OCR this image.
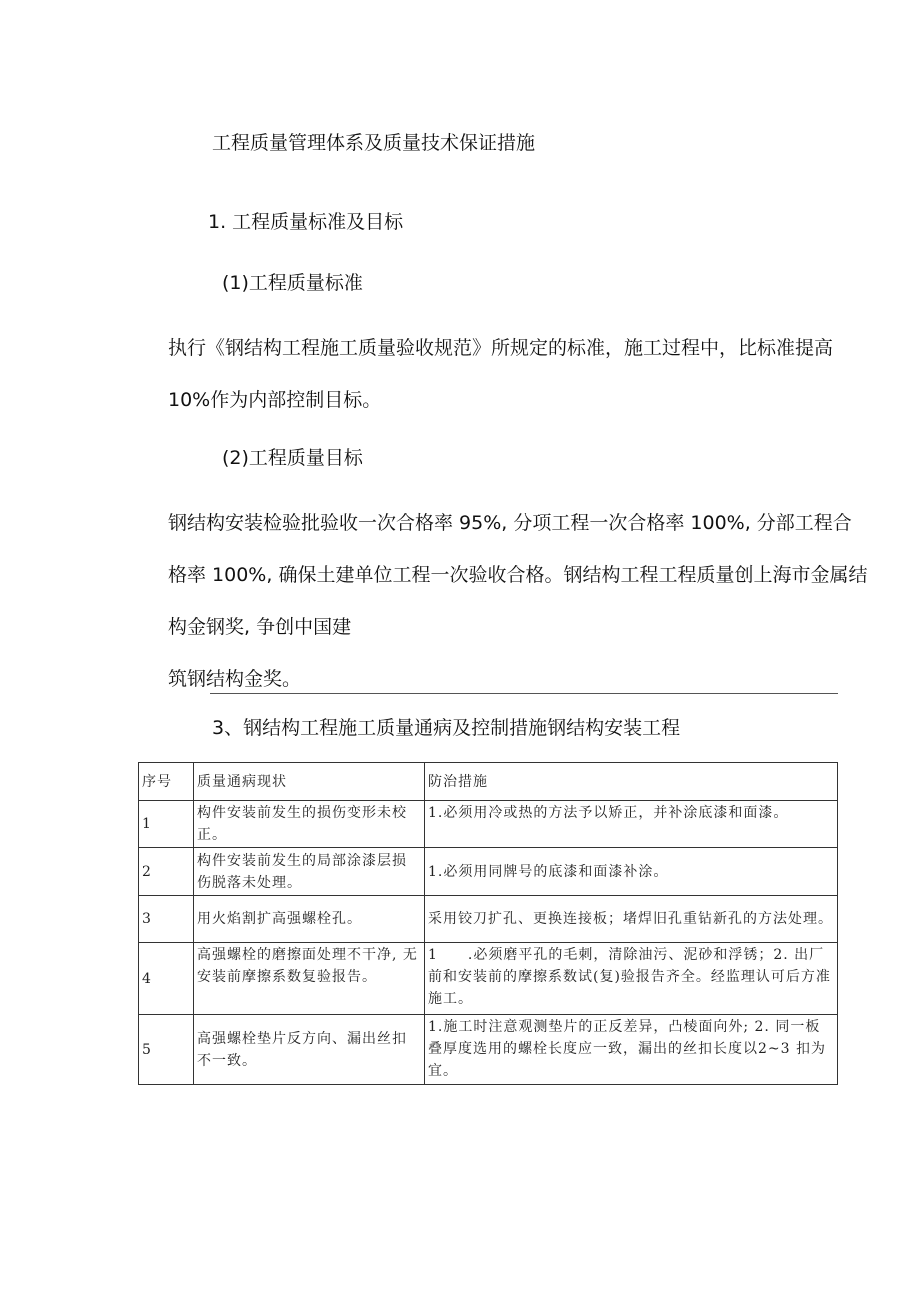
工程质量管理体系及质量技术保证措施
1. 工程质量标准及目标
(1)工程质量标准
执行《钢结构工程施工质量验收规范》所规定的标准，施工过程中，比标准提高 10%作为内部控制目标。
(2)工程质量目标
钢结构安装检验批验收一次合格率 95%, 分项工程一次合格率 100%, 分部工程合格率 100%, 确保土建单位工程一次验收合格。钢结构工程工程质量创上海市金属结构金钢奖, 争创中国建
筑钢结构金奖。
3、钢结构工程施工质量通病及控制措施钢结构安装工程
序号	质量通病现状	防治措施
1	构件安装前发生的损伤变形未校正。	1.必须用冷或热的方法予以矫正，并补涂底漆和面漆。
2	构件安装前发生的局部涂漆层损伤脱落未处理。	1.必须用同牌号的底漆和面漆补涂。
3	用火焰割扩高强螺栓孔。	采用铰刀扩孔、更换连接板；堵焊旧孔重钻新孔的方法处理。
4	高强螺栓的磨擦面处理不干净, 无安装前摩擦系数复验报告。	1　　.必须磨平孔的毛刺，清除油污、泥砂和浮锈；2. 出厂前和安装前的摩擦系数试(复)验报告齐全。经监理认可后方准施工。
5	高强螺栓垫片反方向、漏出丝扣不一致。	1.施工时注意观测垫片的正反差异，凸棱面向外; 2. 同一板叠厚度选用的螺栓长度应一致，漏出的丝扣长度以2~3 扣为宜。
